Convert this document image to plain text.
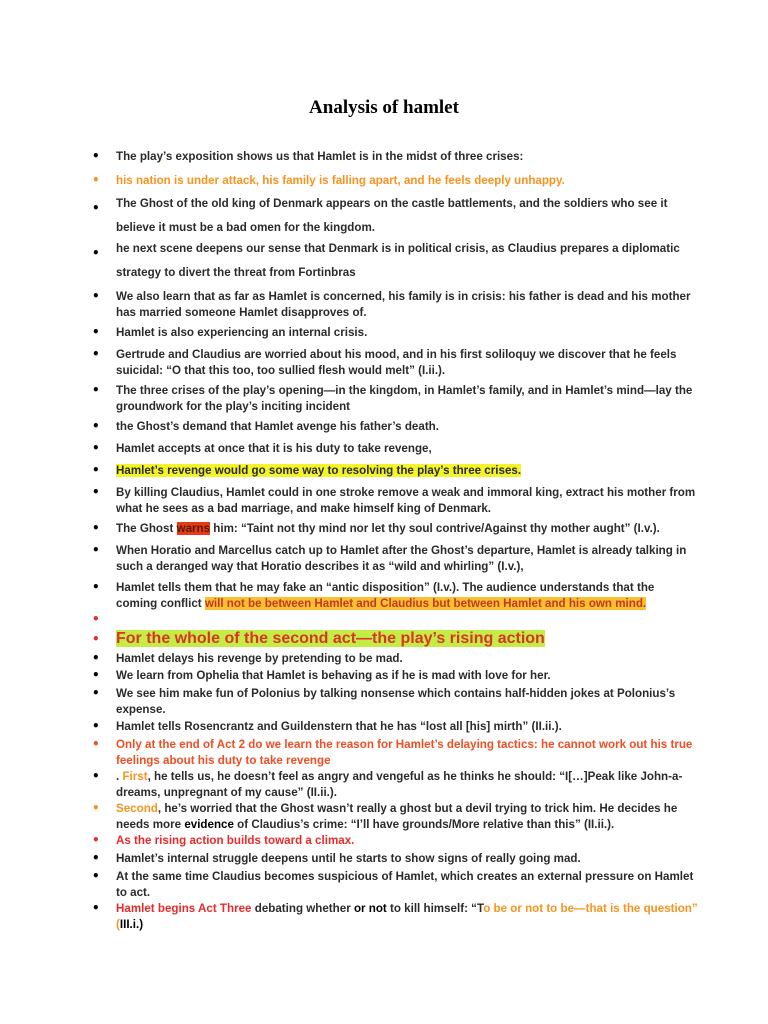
Analysis of hamlet
• The play’s exposition shows us that Hamlet is in the midst of three crises:
• his nation is under attack, his family is falling apart, and he feels deeply unhappy.
• The Ghost of the old king of Denmark appears on the castle battlements, and the soldiers who see it believe it must be a bad omen for the kingdom.
• he next scene deepens our sense that Denmark is in political crisis, as Claudius prepares a diplomatic strategy to divert the threat from Fortinbras
• We also learn that as far as Hamlet is concerned, his family is in crisis: his father is dead and his mother has married someone Hamlet disapproves of.
• Hamlet is also experiencing an internal crisis.
• Gertrude and Claudius are worried about his mood, and in his first soliloquy we discover that he feels suicidal: “O that this too, too sullied flesh would melt” (I.ii.).
• The three crises of the play’s opening—in the kingdom, in Hamlet’s family, and in Hamlet’s mind—lay the groundwork for the play’s inciting incident
• the Ghost’s demand that Hamlet avenge his father’s death.
• Hamlet accepts at once that it is his duty to take revenge,
• Hamlet’s revenge would go some way to resolving the play’s three crises.
• By killing Claudius, Hamlet could in one stroke remove a weak and immoral king, extract his mother from what he sees as a bad marriage, and make himself king of Denmark.
• The Ghost warns him: “Taint not thy mind nor let thy soul contrive/Against thy mother aught” (I.v.).
• When Horatio and Marcellus catch up to Hamlet after the Ghost’s departure, Hamlet is already talking in such a deranged way that Horatio describes it as “wild and whirling” (I.v.),
• Hamlet tells them that he may fake an “antic disposition” (I.v.). The audience understands that the coming conflict will not be between Hamlet and Claudius but between Hamlet and his own mind.
•
• For the whole of the second act—the play’s rising action
• Hamlet delays his revenge by pretending to be mad.
• We learn from Ophelia that Hamlet is behaving as if he is mad with love for her.
• We see him make fun of Polonius by talking nonsense which contains half-hidden jokes at Polonius’s expense.
• Hamlet tells Rosencrantz and Guildenstern that he has “lost all [his] mirth” (II.ii.).
• Only at the end of Act 2 do we learn the reason for Hamlet’s delaying tactics: he cannot work out his true feelings about his duty to take revenge
• . First, he tells us, he doesn’t feel as angry and vengeful as he thinks he should: “I[…]Peak like John-a-dreams, unpregnant of my cause” (II.ii.).
• Second, he’s worried that the Ghost wasn’t really a ghost but a devil trying to trick him. He decides he needs more evidence of Claudius’s crime: “I’ll have grounds/More relative than this” (II.ii.).
• As the rising action builds toward a climax.
• Hamlet’s internal struggle deepens until he starts to show signs of really going mad.
• At the same time Claudius becomes suspicious of Hamlet, which creates an external pressure on Hamlet to act.
• Hamlet begins Act Three debating whether or not to kill himself: “To be or not to be—that is the question” (III.i.)
